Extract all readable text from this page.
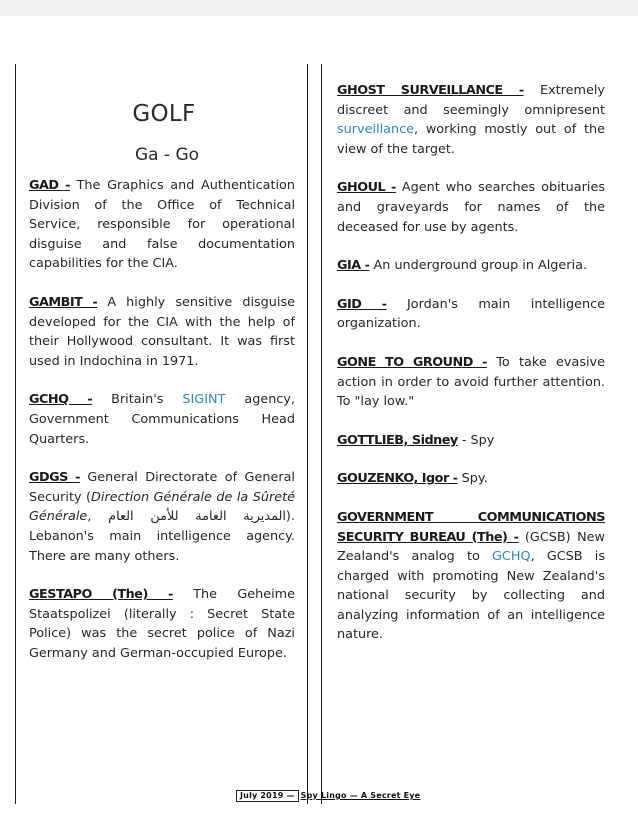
GOLF
Ga - Go

GAD - The Graphics and Authentication Division of the Office of Technical Service, responsible for operational disguise and false documentation capabilities for the CIA.

GAMBIT - A highly sensitive disguise developed for the CIA with the help of their Hollywood consultant. It was first used in Indochina in 1971.

GCHQ - Britain's SIGINT agency, Government Communications Head Quarters.

GDGS - General Directorate of General Security (Direction Générale de la Sûreté Générale, ‏المديرية العامة للأمن العام‏). Lebanon's main intelligence agency. There are many others.

GESTAPO (The) - The Geheime Staatspolizei (literally : Secret State Police) was the secret police of Nazi Germany and German-occupied Europe.

GHOST SURVEILLANCE - Extremely discreet and seemingly omnipresent surveillance, working mostly out of the view of the target.

GHOUL - Agent who searches obituaries and graveyards for names of the deceased for use by agents.

GIA - An underground group in Algeria.

GID - Jordan's main intelligence organization.

GONE TO GROUND - To take evasive action in order to avoid further attention. To "lay low."

GOTTLIEB, Sidney - Spy

GOUZENKO, Igor - Spy.

GOVERNMENT COMMUNICATIONS SECURITY BUREAU (The) - (GCSB) New Zealand's analog to GCHQ, GCSB is charged with promoting New Zealand's national security by collecting and analyzing information of an intelligence nature.

July 2019 — Spy Lingo — A Secret Eye
